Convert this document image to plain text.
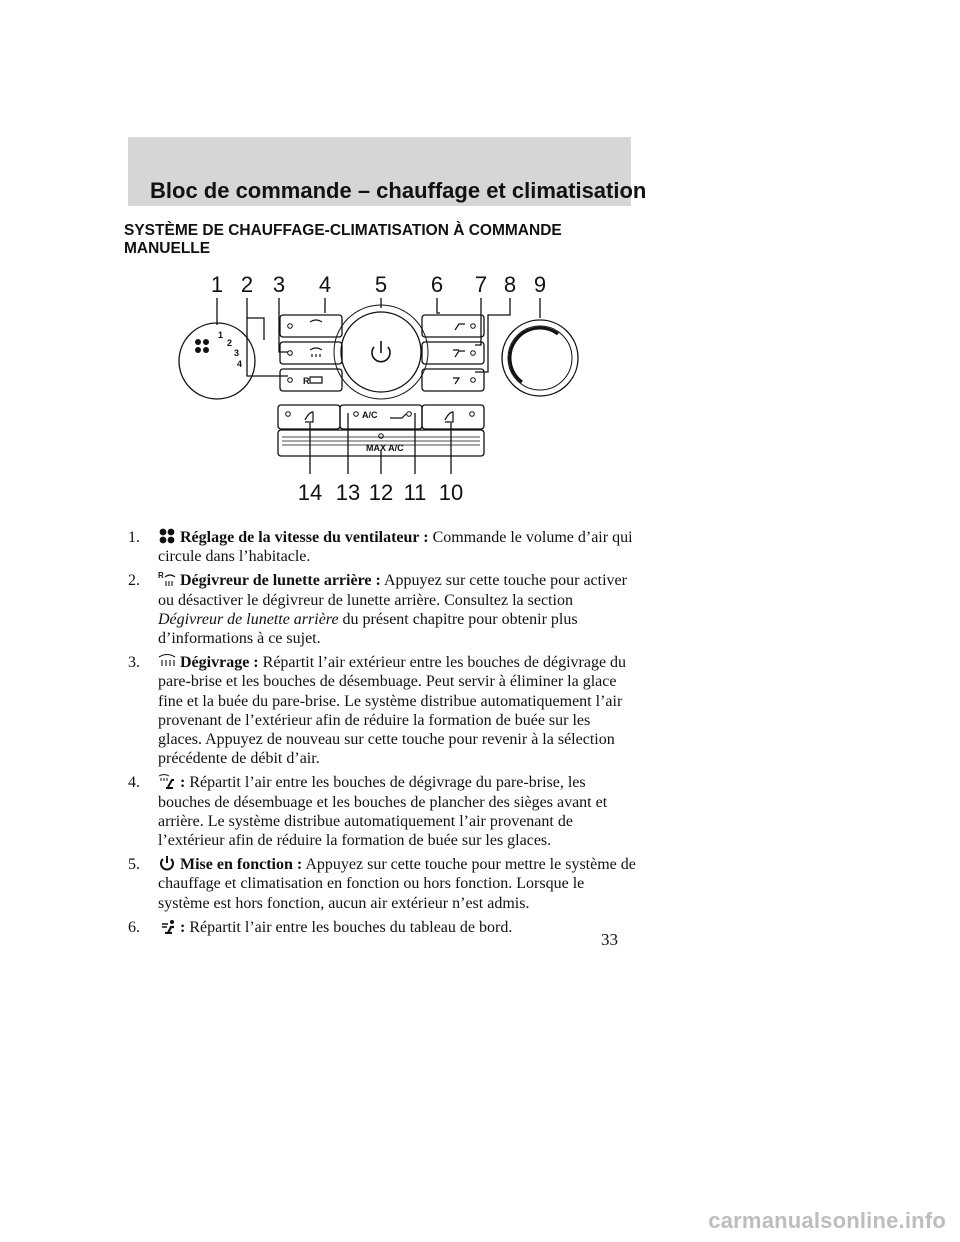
Bloc de commande – chauffage et climatisation
SYSTÈME DE CHAUFFAGE-CLIMATISATION À COMMANDE MANUELLE
1 2 3 4 5 6 7 8 9
14 13 12 11 10
1
2
3
4
R
A/C
MAX A/C
1.	Réglage de la vitesse du ventilateur : Commande le volume d’air qui circule dans l’habitacle.
2. R Dégivreur de lunette arrière : Appuyez sur cette touche pour activer ou désactiver le dégivreur de lunette arrière. Consultez la section Dégivreur de lunette arrière du présent chapitre pour obtenir plus d’informations à ce sujet.
3.	Dégivrage : Répartit l’air extérieur entre les bouches de dégivrage du pare-brise et les bouches de désembuage. Peut servir à éliminer la glace fine et la buée du pare-brise. Le système distribue automatiquement l’air provenant de l’extérieur afin de réduire la formation de buée sur les glaces. Appuyez de nouveau sur cette touche pour revenir à la sélection précédente de débit d’air.
4.	: Répartit l’air entre les bouches de dégivrage du pare-brise, les bouches de désembuage et les bouches de plancher des sièges avant et arrière. Le système distribue automatiquement l’air provenant de l’extérieur afin de réduire la formation de buée sur les glaces.
5.	Mise en fonction : Appuyez sur cette touche pour mettre le système de chauffage et climatisation en fonction ou hors fonction. Lorsque le système est hors fonction, aucun air extérieur n’est admis.
6.	: Répartit l’air entre les bouches du tableau de bord.
33
carmanualsonline.info
